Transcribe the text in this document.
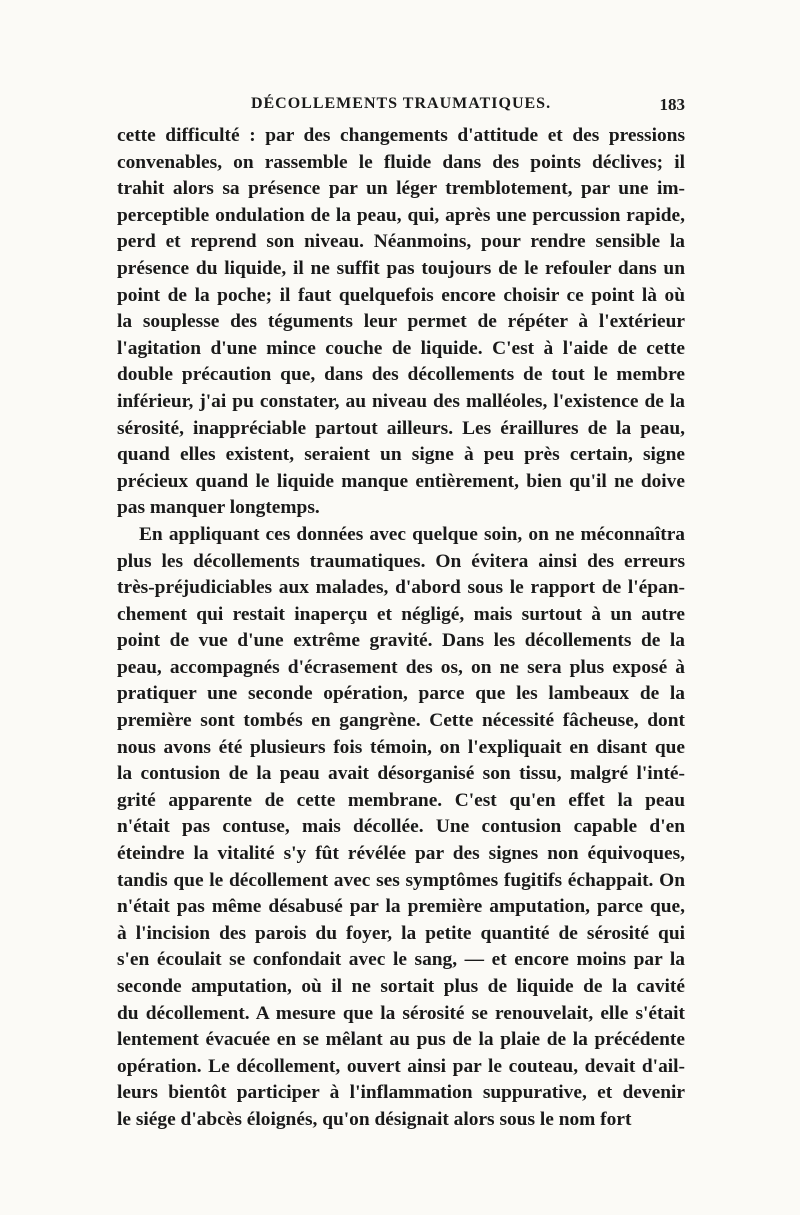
DÉCOLLEMENTS TRAUMATIQUES.	183
cette difficulté : par des changements d'attitude et des pressions
convenables, on rassemble le fluide dans des points déclives; il
trahit alors sa présence par un léger tremblotement, par une im-
perceptible ondulation de la peau, qui, après une percussion rapide,
perd et reprend son niveau. Néanmoins, pour rendre sensible la
présence du liquide, il ne suffit pas toujours de le refouler dans un
point de la poche; il faut quelquefois encore choisir ce point là où
la souplesse des téguments leur permet de répéter à l'extérieur
l'agitation d'une mince couche de liquide. C'est à l'aide de cette
double précaution que, dans des décollements de tout le membre
inférieur, j'ai pu constater, au niveau des malléoles, l'existence de la
sérosité, inappréciable partout ailleurs. Les éraillures de la peau,
quand elles existent, seraient un signe à peu près certain, signe
précieux quand le liquide manque entièrement, bien qu'il ne doive
pas manquer longtemps.
En appliquant ces données avec quelque soin, on ne méconnaîtra
plus les décollements traumatiques. On évitera ainsi des erreurs
très-préjudiciables aux malades, d'abord sous le rapport de l'épan-
chement qui restait inaperçu et négligé, mais surtout à un autre
point de vue d'une extrême gravité. Dans les décollements de la
peau, accompagnés d'écrasement des os, on ne sera plus exposé à
pratiquer une seconde opération, parce que les lambeaux de la
première sont tombés en gangrène. Cette nécessité fâcheuse, dont
nous avons été plusieurs fois témoin, on l'expliquait en disant que
la contusion de la peau avait désorganisé son tissu, malgré l'inté-
grité apparente de cette membrane. C'est qu'en effet la peau
n'était pas contuse, mais décollée. Une contusion capable d'en
éteindre la vitalité s'y fût révélée par des signes non équivoques,
tandis que le décollement avec ses symptômes fugitifs échappait. On
n'était pas même désabusé par la première amputation, parce que,
à l'incision des parois du foyer, la petite quantité de sérosité qui
s'en écoulait se confondait avec le sang, — et encore moins par la
seconde amputation, où il ne sortait plus de liquide de la cavité
du décollement. A mesure que la sérosité se renouvelait, elle s'était
lentement évacuée en se mêlant au pus de la plaie de la précédente
opération. Le décollement, ouvert ainsi par le couteau, devait d'ail-
leurs bientôt participer à l'inflammation suppurative, et devenir
le siége d'abcès éloignés, qu'on désignait alors sous le nom fort
